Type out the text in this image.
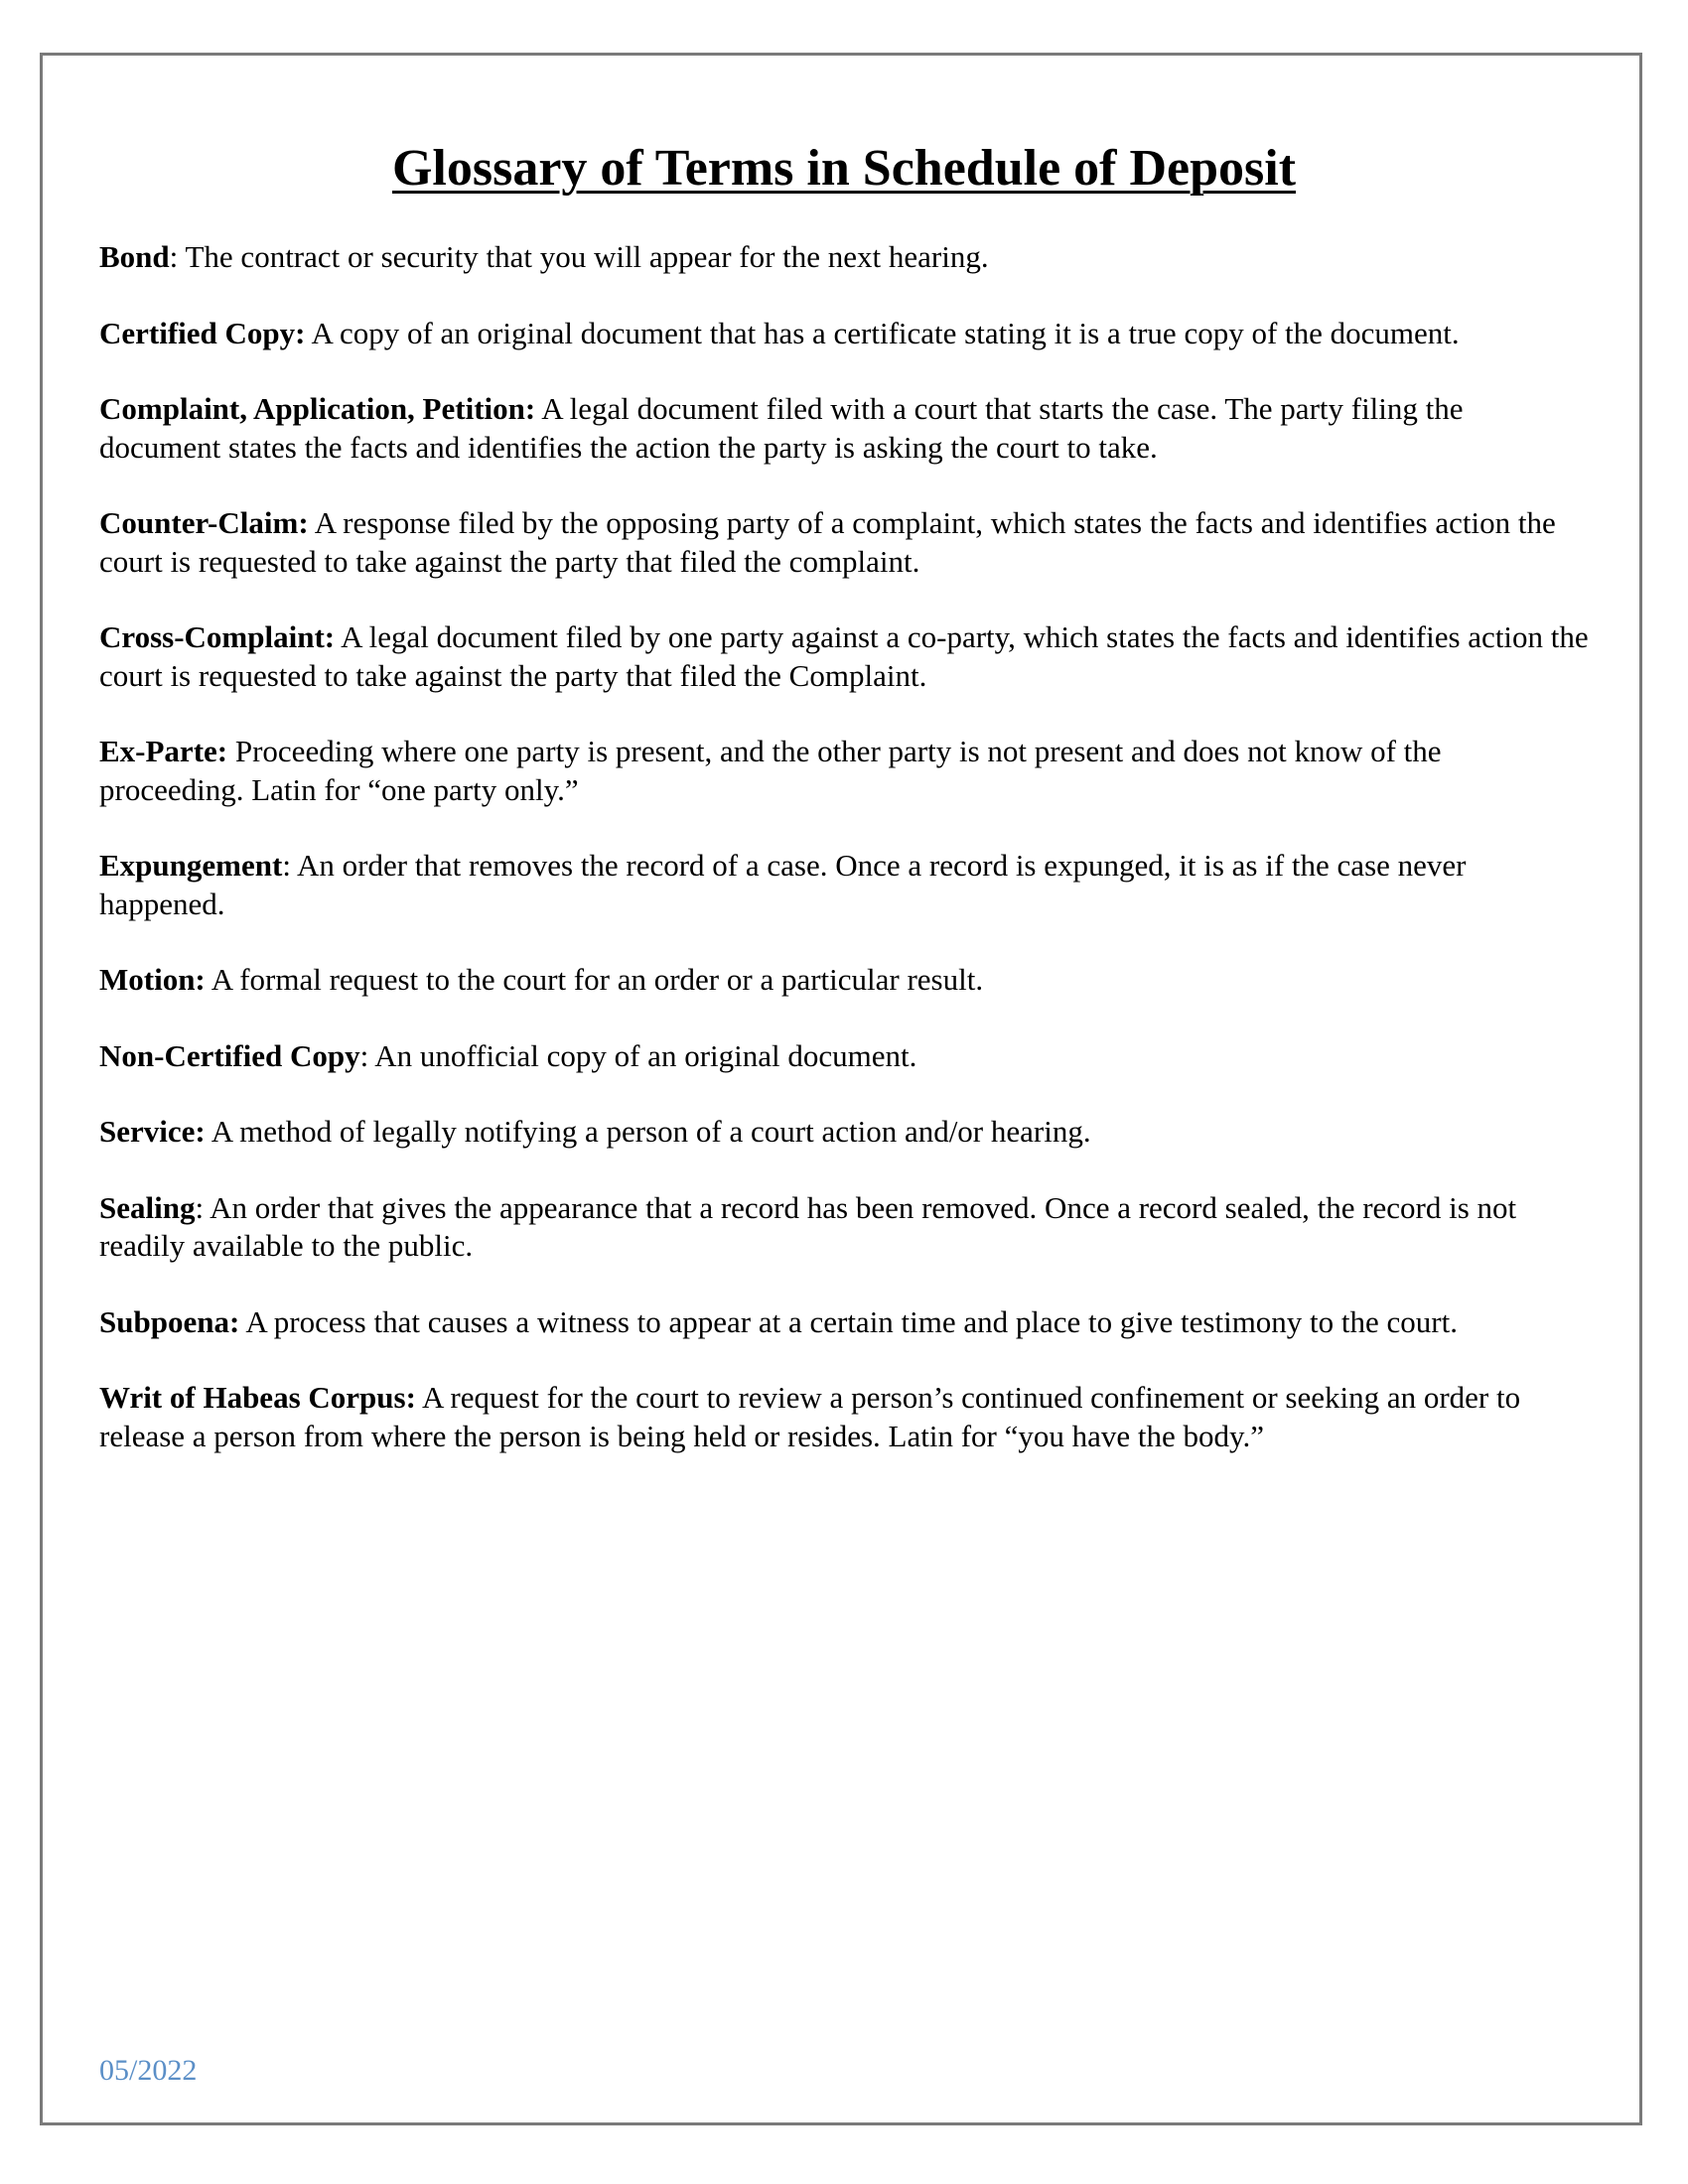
Glossary of Terms in Schedule of Deposit

Bond: The contract or security that you will appear for the next hearing.

Certified Copy: A copy of an original document that has a certificate stating it is a true copy of the document.

Complaint, Application, Petition: A legal document filed with a court that starts the case. The party filing the document states the facts and identifies the action the party is asking the court to take.

Counter-Claim: A response filed by the opposing party of a complaint, which states the facts and identifies action the court is requested to take against the party that filed the complaint.

Cross-Complaint: A legal document filed by one party against a co-party, which states the facts and identifies action the court is requested to take against the party that filed the Complaint.

Ex-Parte: Proceeding where one party is present, and the other party is not present and does not know of the proceeding. Latin for “one party only.”

Expungement: An order that removes the record of a case. Once a record is expunged, it is as if the case never happened.

Motion: A formal request to the court for an order or a particular result.

Non-Certified Copy: An unofficial copy of an original document.

Service: A method of legally notifying a person of a court action and/or hearing.

Sealing: An order that gives the appearance that a record has been removed. Once a record sealed, the record is not readily available to the public.

Subpoena: A process that causes a witness to appear at a certain time and place to give testimony to the court.

Writ of Habeas Corpus: A request for the court to review a person’s continued confinement or seeking an order to release a person from where the person is being held or resides. Latin for “you have the body.”

05/2022
